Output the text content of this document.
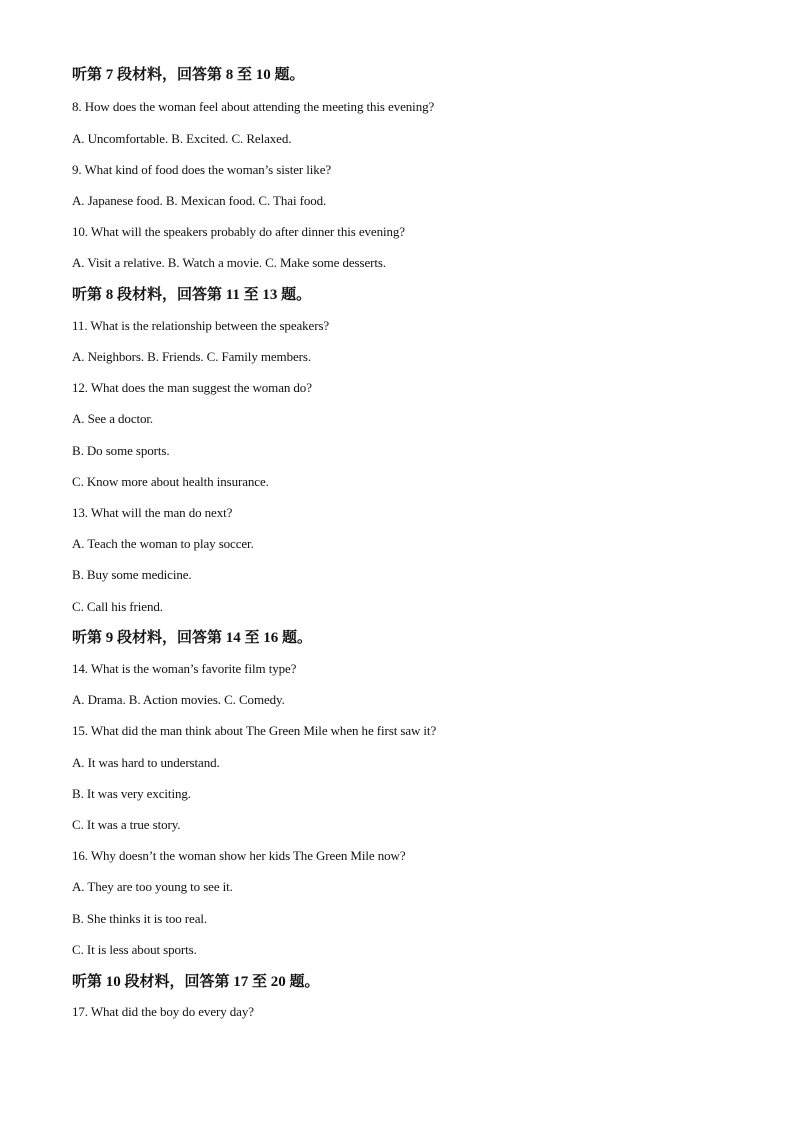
听第 7 段材料，回答第 8 至 10 题。
8. How does the woman feel about attending the meeting this evening?
A. Uncomfortable. B. Excited. C. Relaxed.
9. What kind of food does the woman’s sister like?
A. Japanese food. B. Mexican food. C. Thai food.
10. What will the speakers probably do after dinner this evening?
A. Visit a relative. B. Watch a movie. C. Make some desserts.
听第 8 段材料，回答第 11 至 13 题。
11. What is the relationship between the speakers?
A. Neighbors. B. Friends. C. Family members.
12. What does the man suggest the woman do?
A. See a doctor.
B. Do some sports.
C. Know more about health insurance.
13. What will the man do next?
A. Teach the woman to play soccer.
B. Buy some medicine.
C. Call his friend.
听第 9 段材料，回答第 14 至 16 题。
14. What is the woman’s favorite film type?
A. Drama. B. Action movies. C. Comedy.
15. What did the man think about The Green Mile when he first saw it?
A. It was hard to understand.
B. It was very exciting.
C. It was a true story.
16. Why doesn’t the woman show her kids The Green Mile now?
A. They are too young to see it.
B. She thinks it is too real.
C. It is less about sports.
听第 10 段材料，回答第 17 至 20 题。
17. What did the boy do every day?
